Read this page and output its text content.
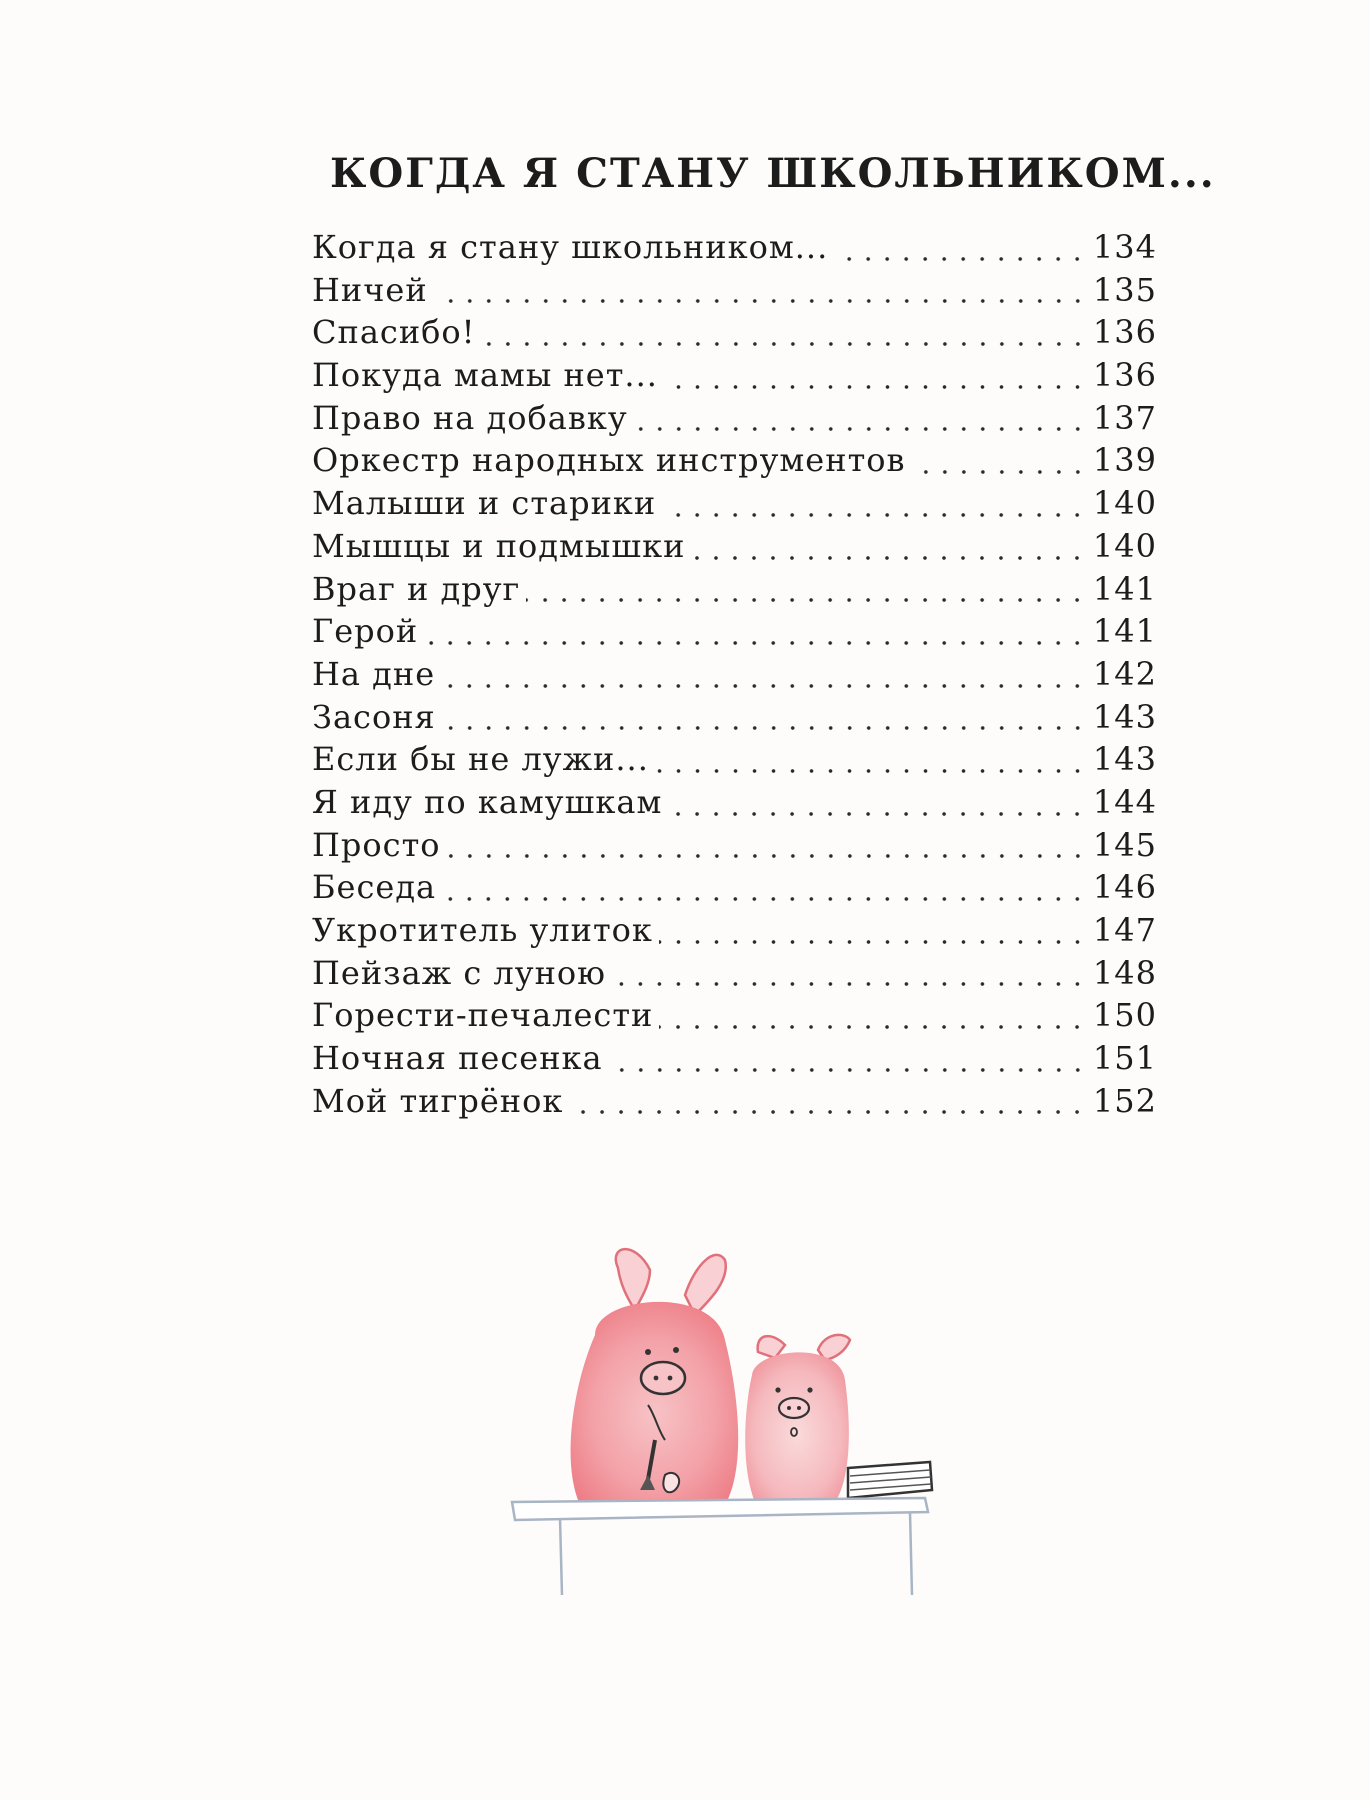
КОГДА Я СТАНУ ШКОЛЬНИКОМ...
Когда я стану школьником...	134
Ничей	135
Спасибо!	136
Покуда мамы нет...	136
Право на добавку	137
Оркестр народных инструментов	139
Малыши и старики	140
Мышцы и подмышки	140
Враг и друг	141
Герой	141
На дне	142
Засоня	143
Если бы не лужи...	143
Я иду по камушкам	144
Просто	145
Беседа	146
Укротитель улиток	147
Пейзаж с луною	148
Горести-печалести	150
Ночная песенка	151
Мой тигрёнок	152
